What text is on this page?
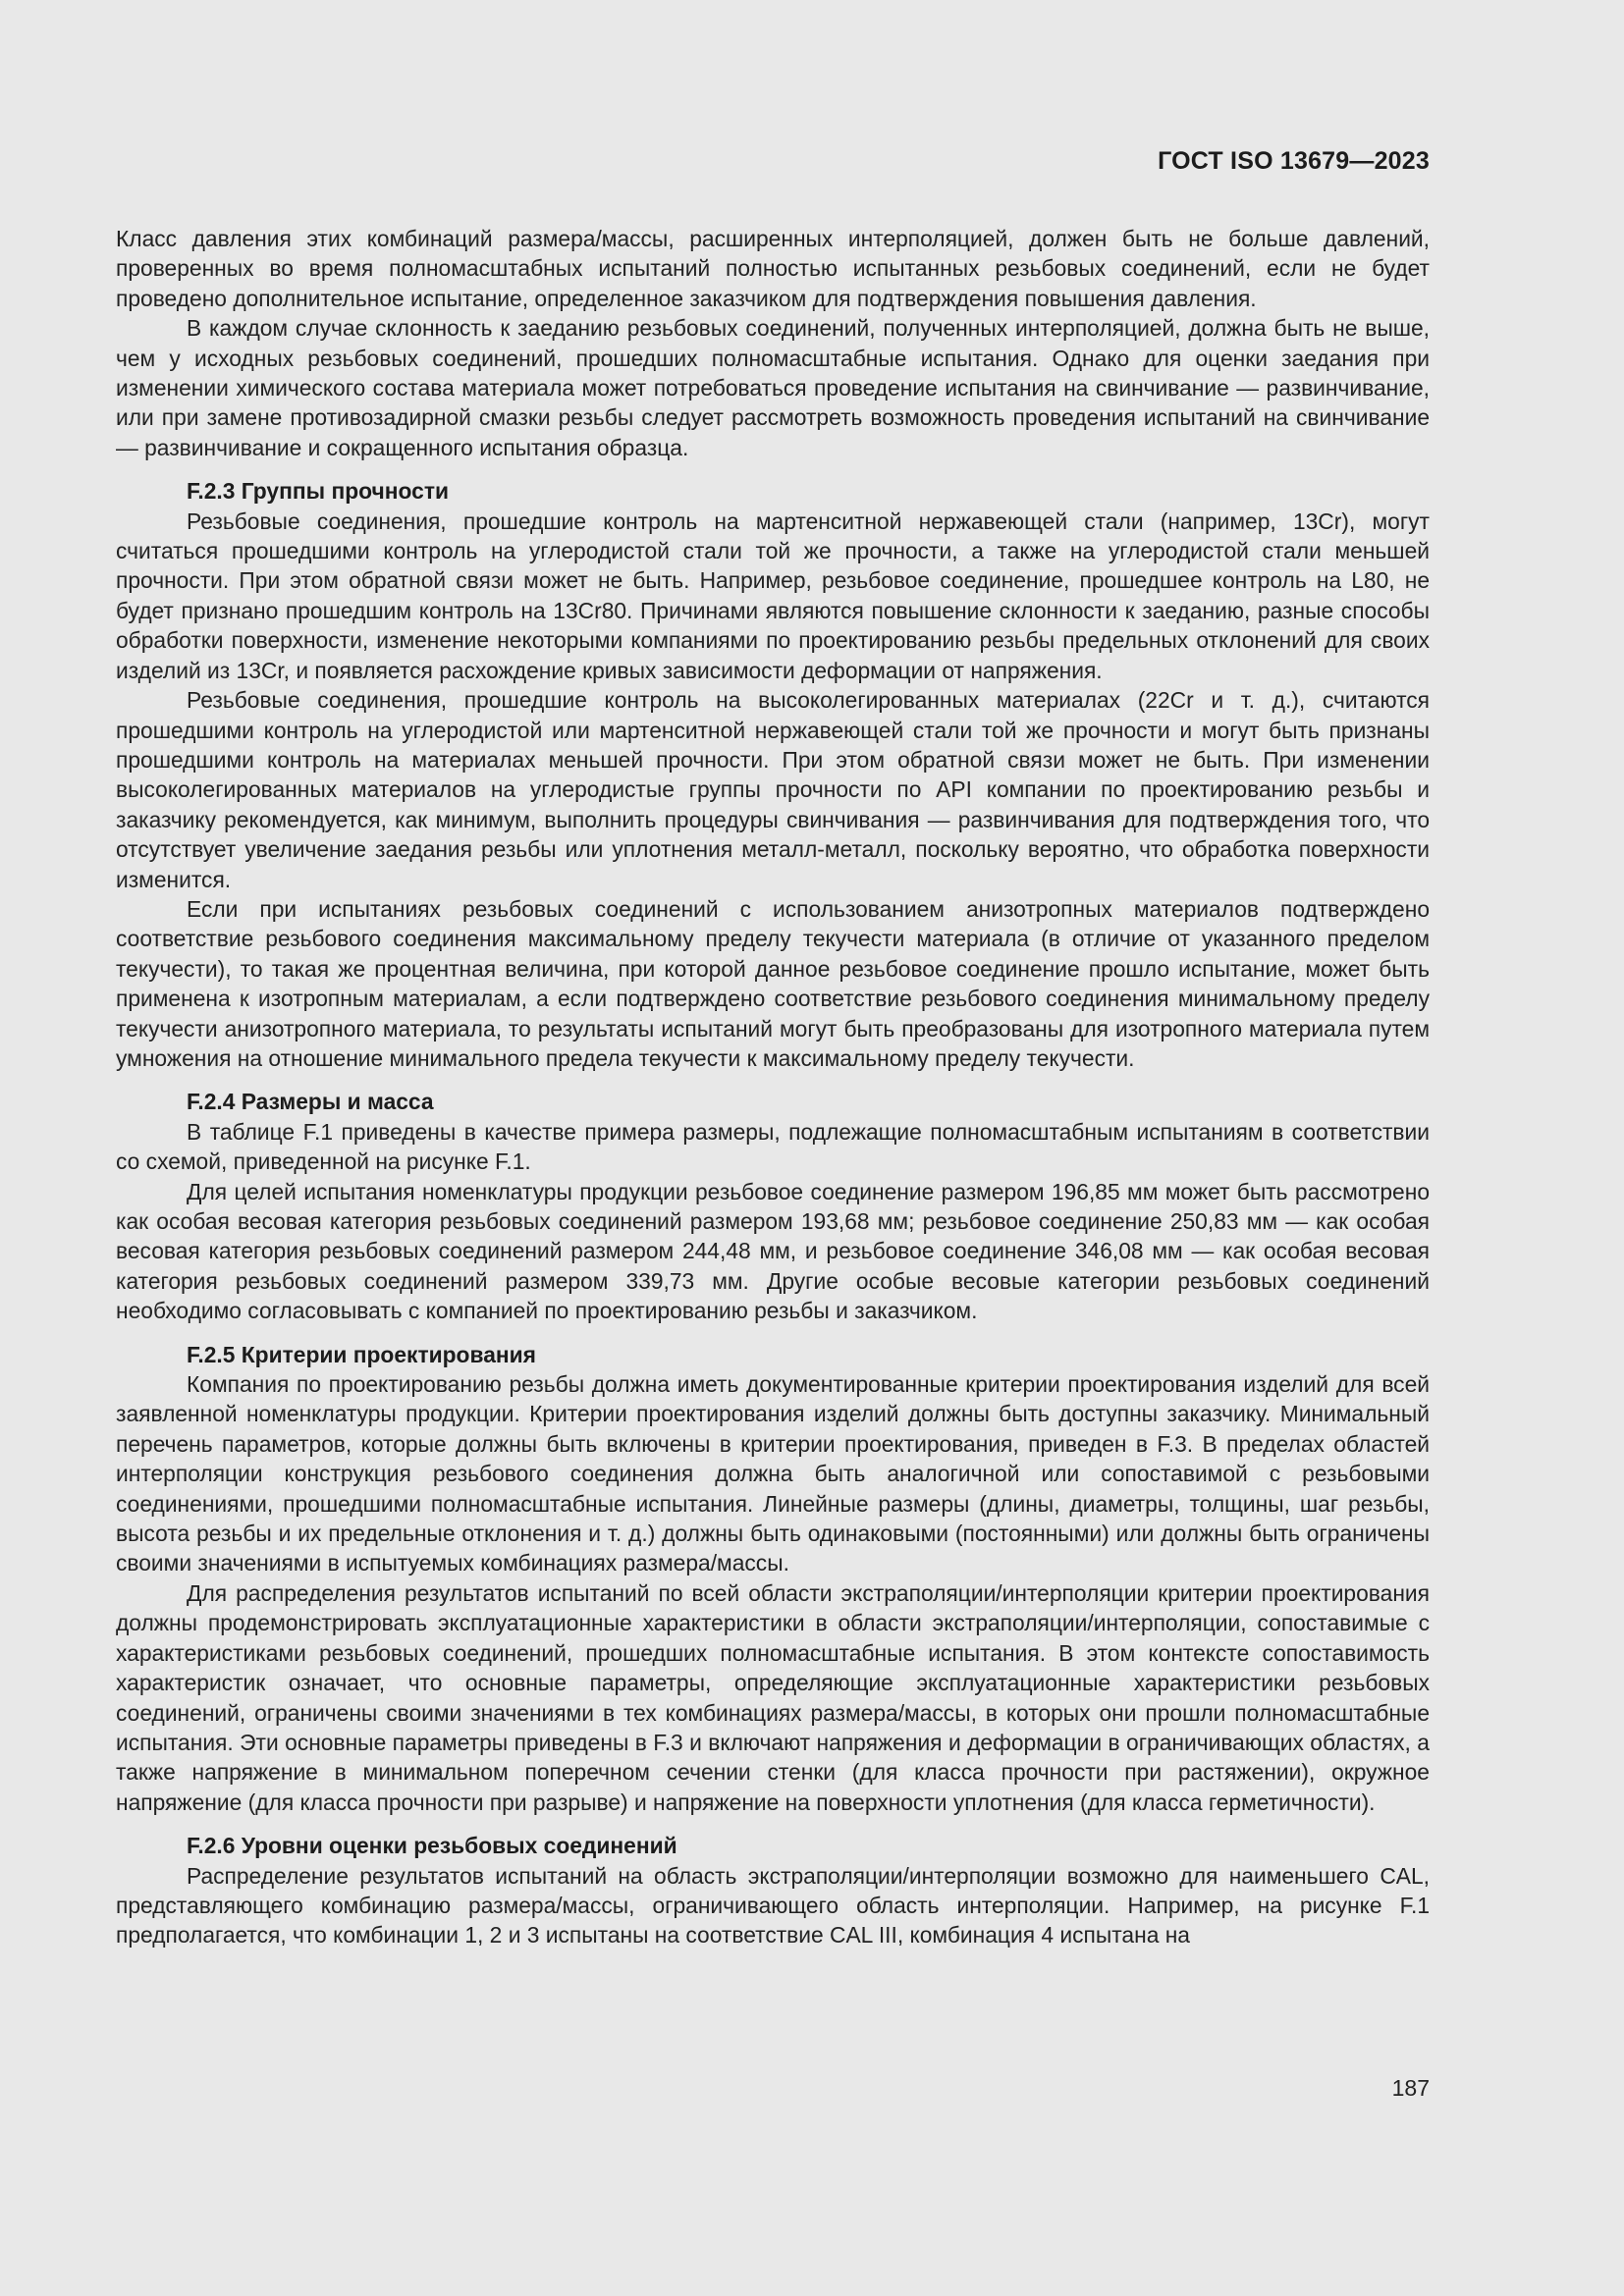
ГОСТ ISO 13679—2023

Класс давления этих комбинаций размера/массы, расширенных интерполяцией, должен быть не больше давлений, проверенных во время полномасштабных испытаний полностью испытанных резьбовых соединений, если не будет проведено дополнительное испытание, определенное заказчиком для подтверждения повышения давления.

В каждом случае склонность к заеданию резьбовых соединений, полученных интерполяцией, должна быть не выше, чем у исходных резьбовых соединений, прошедших полномасштабные испытания. Однако для оценки заедания при изменении химического состава материала может потребоваться проведение испытания на свинчивание — развинчивание, или при замене противозадирной смазки резьбы следует рассмотреть возможность проведения испытаний на свинчивание — развинчивание и сокращенного испытания образца.

F.2.3 Группы прочности

Резьбовые соединения, прошедшие контроль на мартенситной нержавеющей стали (например, 13Cr), могут считаться прошедшими контроль на углеродистой стали той же прочности, а также на углеродистой стали меньшей прочности. При этом обратной связи может не быть. Например, резьбовое соединение, прошедшее контроль на L80, не будет признано прошедшим контроль на 13Cr80. Причинами являются повышение склонности к заеданию, разные способы обработки поверхности, изменение некоторыми компаниями по проектированию резьбы предельных отклонений для своих изделий из 13Cr, и появляется расхождение кривых зависимости деформации от напряжения.

Резьбовые соединения, прошедшие контроль на высоколегированных материалах (22Cr и т. д.), считаются прошедшими контроль на углеродистой или мартенситной нержавеющей стали той же прочности и могут быть признаны прошедшими контроль на материалах меньшей прочности. При этом обратной связи может не быть. При изменении высоколегированных материалов на углеродистые группы прочности по API компании по проектированию резьбы и заказчику рекомендуется, как минимум, выполнить процедуры свинчивания — развинчивания для подтверждения того, что отсутствует увеличение заедания резьбы или уплотнения металл-металл, поскольку вероятно, что обработка поверхности изменится.

Если при испытаниях резьбовых соединений с использованием анизотропных материалов подтверждено соответствие резьбового соединения максимальному пределу текучести материала (в отличие от указанного пределом текучести), то такая же процентная величина, при которой данное резьбовое соединение прошло испытание, может быть применена к изотропным материалам, а если подтверждено соответствие резьбового соединения минимальному пределу текучести анизотропного материала, то результаты испытаний могут быть преобразованы для изотропного материала путем умножения на отношение минимального предела текучести к максимальному пределу текучести.

F.2.4 Размеры и масса

В таблице F.1 приведены в качестве примера размеры, подлежащие полномасштабным испытаниям в соответствии со схемой, приведенной на рисунке F.1.

Для целей испытания номенклатуры продукции резьбовое соединение размером 196,85 мм может быть рассмотрено как особая весовая категория резьбовых соединений размером 193,68 мм; резьбовое соединение 250,83 мм — как особая весовая категория резьбовых соединений размером 244,48 мм, и резьбовое соединение 346,08 мм — как особая весовая категория резьбовых соединений размером 339,73 мм. Другие особые весовые категории резьбовых соединений необходимо согласовывать с компанией по проектированию резьбы и заказчиком.

F.2.5 Критерии проектирования

Компания по проектированию резьбы должна иметь документированные критерии проектирования изделий для всей заявленной номенклатуры продукции. Критерии проектирования изделий должны быть доступны заказчику. Минимальный перечень параметров, которые должны быть включены в критерии проектирования, приведен в F.3. В пределах областей интерполяции конструкция резьбового соединения должна быть аналогичной или сопоставимой с резьбовыми соединениями, прошедшими полномасштабные испытания. Линейные размеры (длины, диаметры, толщины, шаг резьбы, высота резьбы и их предельные отклонения и т. д.) должны быть одинаковыми (постоянными) или должны быть ограничены своими значениями в испытуемых комбинациях размера/массы.

Для распределения результатов испытаний по всей области экстраполяции/интерполяции критерии проектирования должны продемонстрировать эксплуатационные характеристики в области экстраполяции/интерполяции, сопоставимые с характеристиками резьбовых соединений, прошедших полномасштабные испытания. В этом контексте сопоставимость характеристик означает, что основные параметры, определяющие эксплуатационные характеристики резьбовых соединений, ограничены своими значениями в тех комбинациях размера/массы, в которых они прошли полномасштабные испытания. Эти основные параметры приведены в F.3 и включают напряжения и деформации в ограничивающих областях, а также напряжение в минимальном поперечном сечении стенки (для класса прочности при растяжении), окружное напряжение (для класса прочности при разрыве) и напряжение на поверхности уплотнения (для класса герметичности).

F.2.6 Уровни оценки резьбовых соединений

Распределение результатов испытаний на область экстраполяции/интерполяции возможно для наименьшего CAL, представляющего комбинацию размера/массы, ограничивающего область интерполяции. Например, на рисунке F.1 предполагается, что комбинации 1, 2 и 3 испытаны на соответствие CAL III, комбинация 4 испытана на

187
